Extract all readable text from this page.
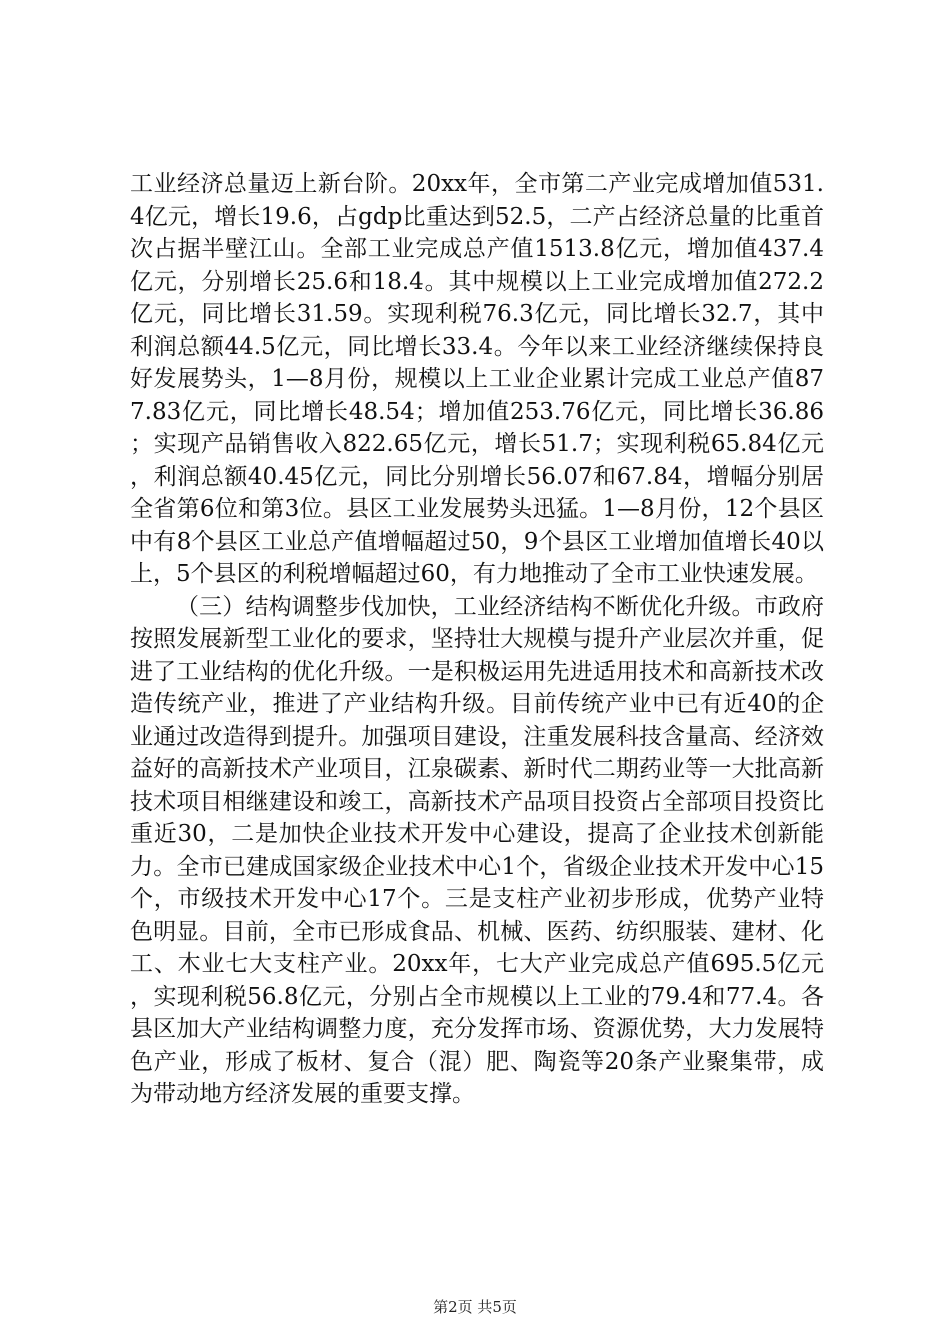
工业经济总量迈上新台阶。20xx年，全市第二产业完成增加值531.4亿元，增长19.6，占gdp比重达到52.5，二产占经济总量的比重首次占据半壁江山。全部工业完成总产值1513.8亿元，增加值437.4亿元，分别增长25.6和18.4。其中规模以上工业完成增加值272.2亿元，同比增长31.59。实现利税76.3亿元，同比增长32.7，其中利润总额44.5亿元，同比增长33.4。今年以来工业经济继续保持良好发展势头，1—8月份，规模以上工业企业累计完成工业总产值877.83亿元，同比增长48.54；增加值253.76亿元，同比增长36.86；实现产品销售收入822.65亿元，增长51.7；实现利税65.84亿元，利润总额40.45亿元，同比分别增长56.07和67.84，增幅分别居全省第6位和第3位。县区工业发展势头迅猛。1—8月份，12个县区中有8个县区工业总产值增幅超过50，9个县区工业增加值增长40以上，5个县区的利税增幅超过60，有力地推动了全市工业快速发展。

（三）结构调整步伐加快，工业经济结构不断优化升级。市政府按照发展新型工业化的要求，坚持壮大规模与提升产业层次并重，促进了工业结构的优化升级。一是积极运用先进适用技术和高新技术改造传统产业，推进了产业结构升级。目前传统产业中已有近40的企业通过改造得到提升。加强项目建设，注重发展科技含量高、经济效益好的高新技术产业项目，江泉碳素、新时代二期药业等一大批高新技术项目相继建设和竣工，高新技术产品项目投资占全部项目投资比重近30，二是加快企业技术开发中心建设，提高了企业技术创新能力。全市已建成国家级企业技术中心1个，省级企业技术开发中心15个，市级技术开发中心17个。三是支柱产业初步形成，优势产业特色明显。目前，全市已形成食品、机械、医药、纺织服装、建材、化工、木业七大支柱产业。20xx年，七大产业完成总产值695.5亿元，实现利税56.8亿元，分别占全市规模以上工业的79.4和77.4。各县区加大产业结构调整力度，充分发挥市场、资源优势，大力发展特色产业，形成了板材、复合（混）肥、陶瓷等20条产业聚集带，成为带动地方经济发展的重要支撑。

第2页 共5页
